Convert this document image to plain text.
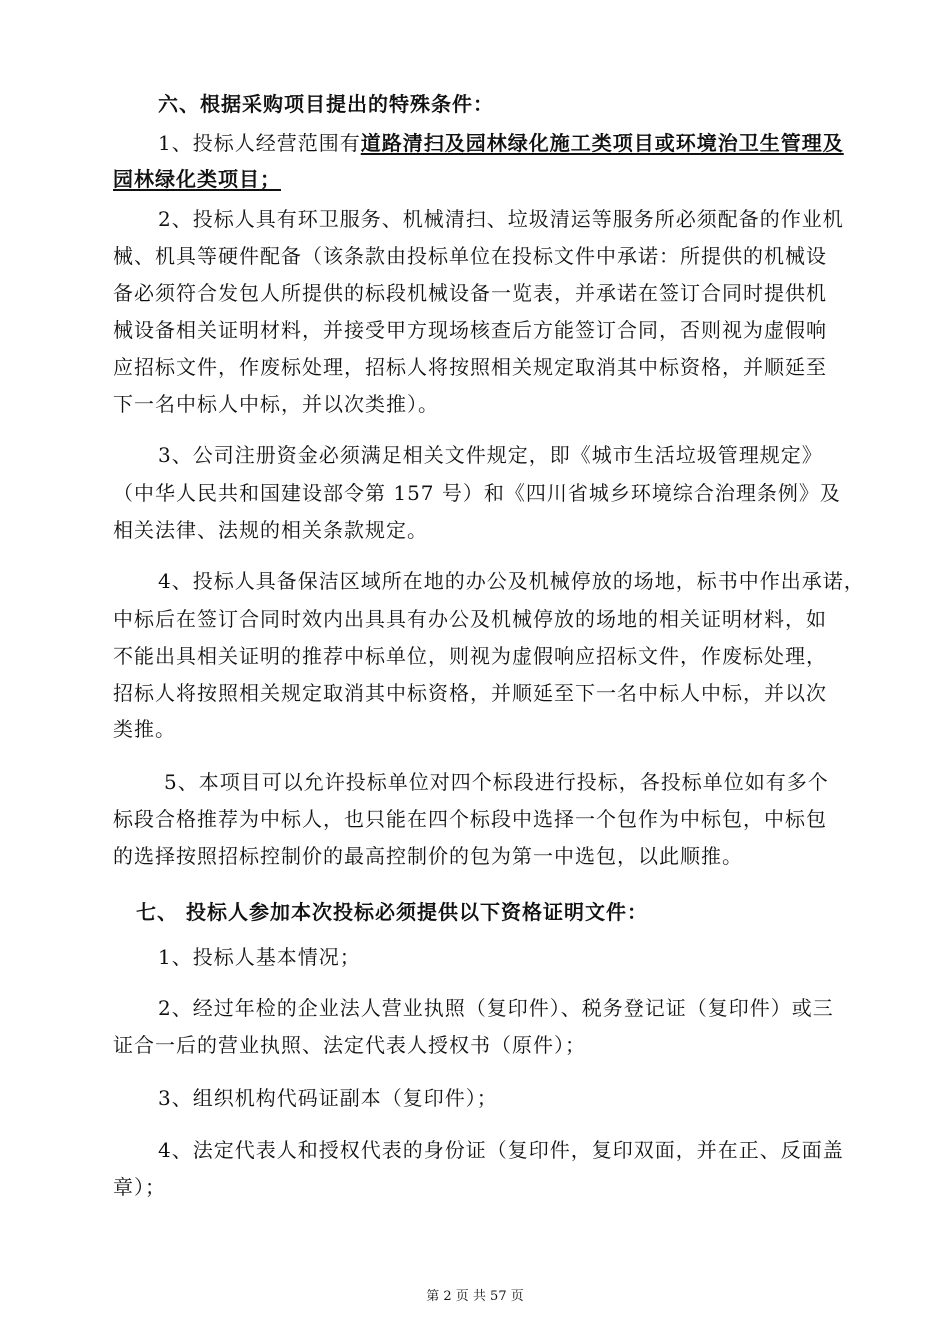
六、根据采购项目提出的特殊条件：
1、投标人经营范围有道路清扫及园林绿化施工类项目或环境治卫生管理及
园林绿化类项目；
2、投标人具有环卫服务、机械清扫、垃圾清运等服务所必须配备的作业机
械、机具等硬件配备（该条款由投标单位在投标文件中承诺：所提供的机械设
备必须符合发包人所提供的标段机械设备一览表，并承诺在签订合同时提供机
械设备相关证明材料，并接受甲方现场核查后方能签订合同，否则视为虚假响
应招标文件，作废标处理，招标人将按照相关规定取消其中标资格，并顺延至
下一名中标人中标，并以次类推）。
3、公司注册资金必须满足相关文件规定，即《城市生活垃圾管理规定》
（中华人民共和国建设部令第 157 号）和《四川省城乡环境综合治理条例》及
相关法律、法规的相关条款规定。
4、投标人具备保洁区域所在地的办公及机械停放的场地，标书中作出承诺，
中标后在签订合同时效内出具具有办公及机械停放的场地的相关证明材料，如
不能出具相关证明的推荐中标单位，则视为虚假响应招标文件，作废标处理，
招标人将按照相关规定取消其中标资格，并顺延至下一名中标人中标，并以次
类推。
5、本项目可以允许投标单位对四个标段进行投标，各投标单位如有多个
标段合格推荐为中标人，也只能在四个标段中选择一个包作为中标包，中标包
的选择按照招标控制价的最高控制价的包为第一中选包，以此顺推。
七、 投标人参加本次投标必须提供以下资格证明文件：
1、投标人基本情况；
2、经过年检的企业法人营业执照（复印件）、税务登记证（复印件）或三
证合一后的营业执照、法定代表人授权书（原件）；
3、组织机构代码证副本（复印件）；
4、法定代表人和授权代表的身份证（复印件，复印双面，并在正、反面盖
章）；
第 2 页 共 57 页
